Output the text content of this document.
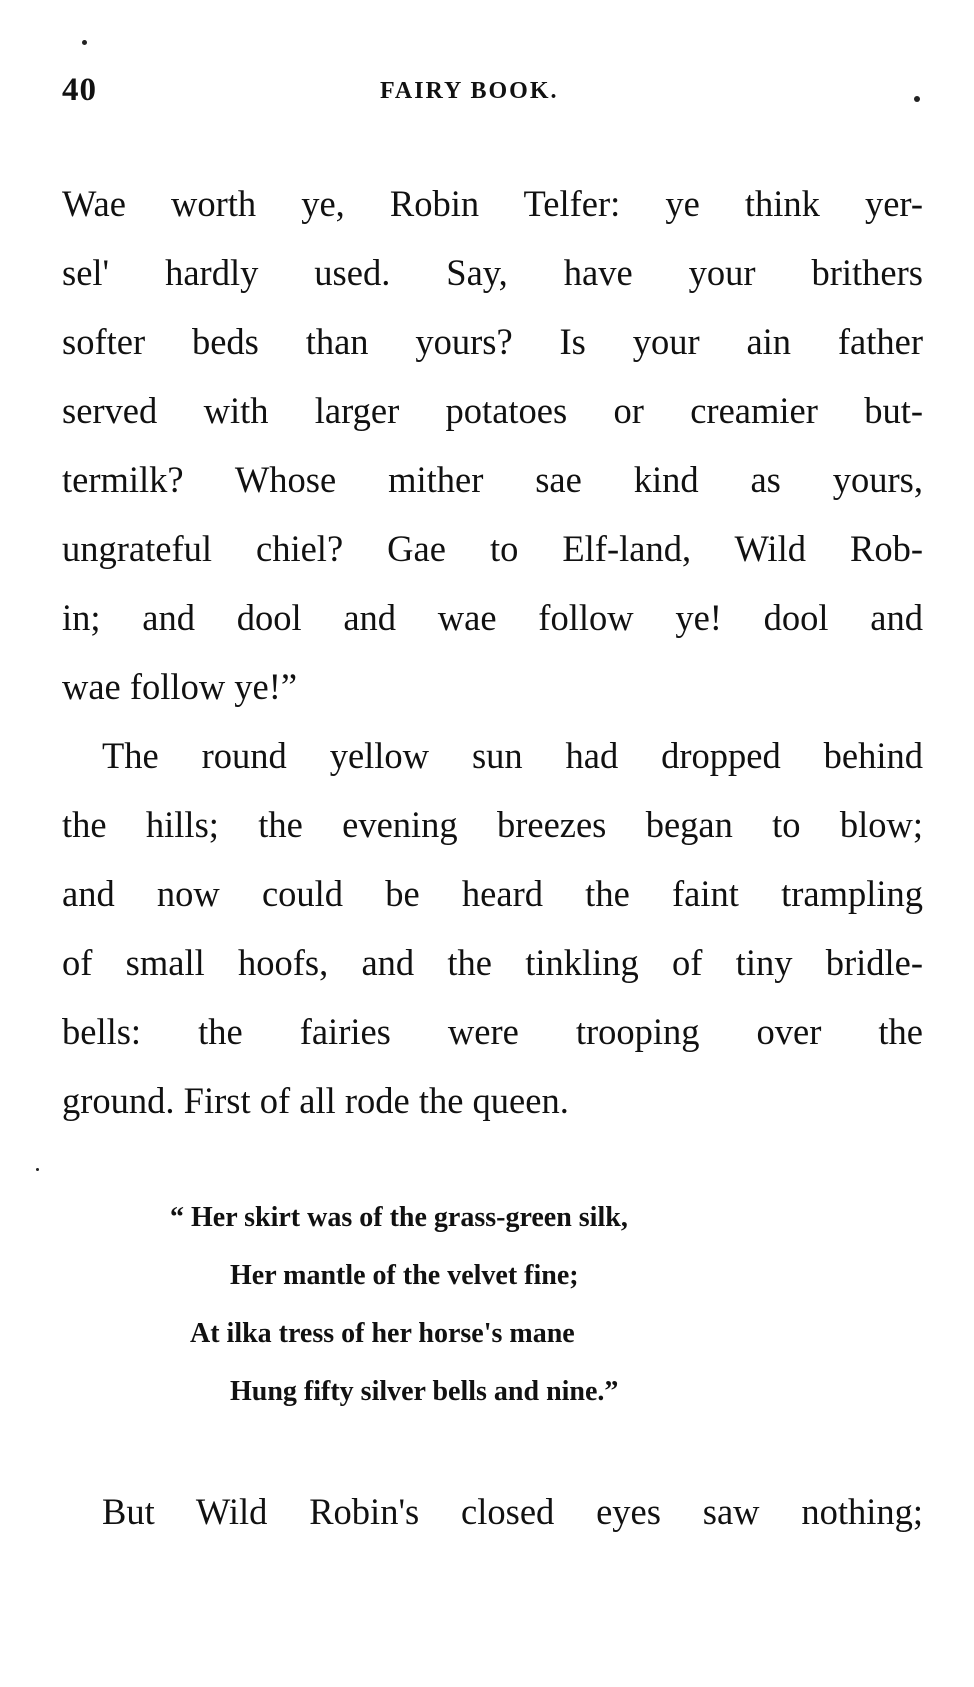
40	FAIRY BOOK.
Wae worth ye, Robin Telfer: ye think yer-
sel' hardly used. Say, have your brithers
softer beds than yours? Is your ain father
served with larger potatoes or creamier but-
termilk? Whose mither sae kind as yours,
ungrateful chiel? Gae to Elf-land, Wild Rob-
in; and dool and wae follow ye! dool and
wae follow ye!”
The round yellow sun had dropped behind
the hills; the evening breezes began to blow;
and now could be heard the faint trampling
of small hoofs, and the tinkling of tiny bridle-
bells: the fairies were trooping over the
ground. First of all rode the queen.
“ Her skirt was of the grass-green silk,
Her mantle of the velvet fine;
At ilka tress of her horse's mane
Hung fifty silver bells and nine.”
But Wild Robin's closed eyes saw nothing;
